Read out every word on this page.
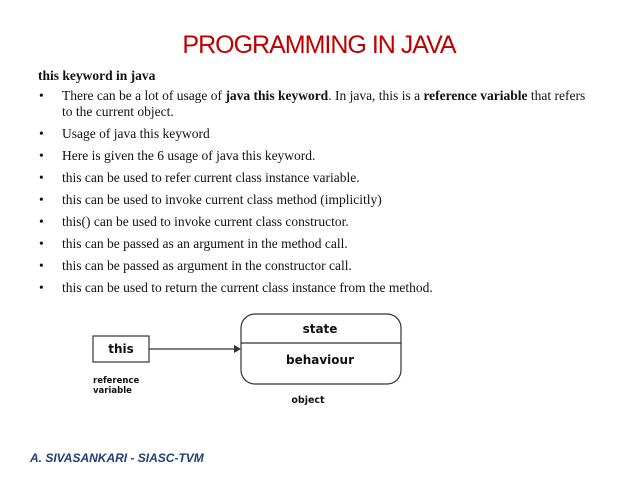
PROGRAMMING IN JAVA
this keyword in java
• There can be a lot of usage of java this keyword. In java, this is a reference variable that refers to the current object.
• Usage of java this keyword
• Here is given the 6 usage of java this keyword.
• this can be used to refer current class instance variable.
• this can be used to invoke current class method (implicitly)
• this() can be used to invoke current class constructor.
• this can be passed as an argument in the method call.
• this can be passed as argument in the constructor call.
• this can be used to return the current class instance from the method.
this
reference
variable
state
behaviour
object
A. SIVASANKARI - SIASC-TVM
